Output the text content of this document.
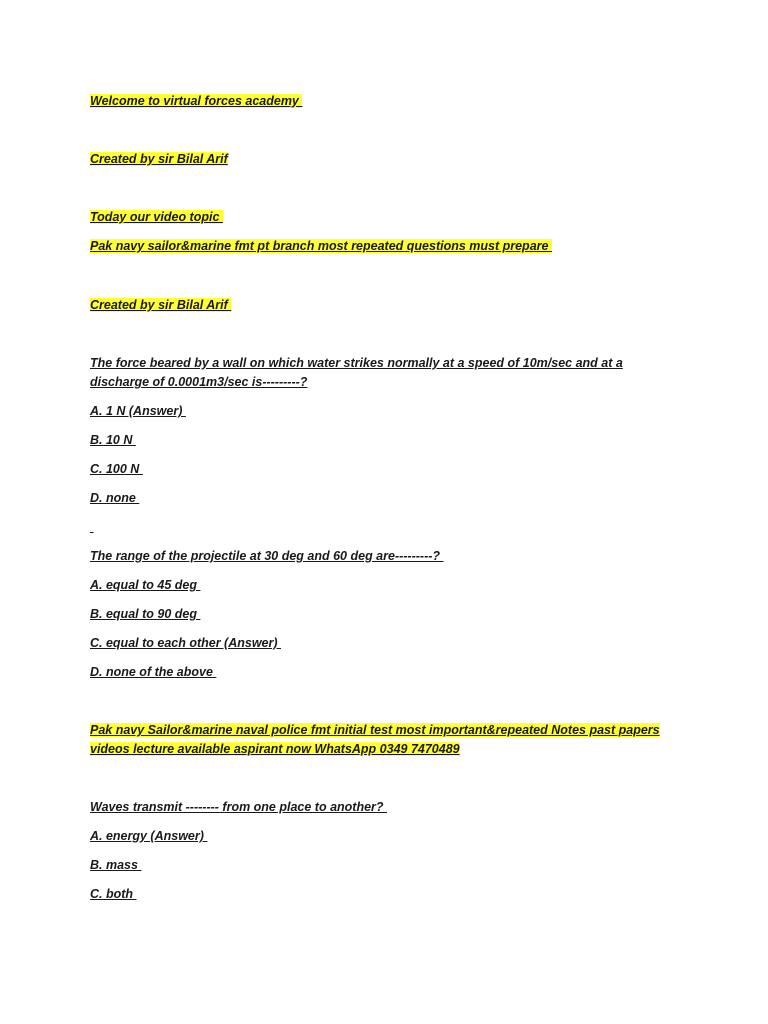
Welcome to virtual forces academy
Created by sir Bilal Arif
Today our video topic
Pak navy sailor&marine fmt pt branch most repeated questions must prepare
Created by sir Bilal Arif
The force beared by a wall on which water strikes normally at a speed of 10m/sec and at a discharge of 0.0001m3/sec is---------?
A. 1 N (Answer)
B. 10 N
C. 100 N
D. none

The range of the projectile at 30 deg and 60 deg are---------?
A. equal to 45 deg
B. equal to 90 deg
C. equal to each other (Answer)
D. none of the above
Pak navy Sailor&marine naval police fmt initial test most important&repeated Notes past papers videos lecture available aspirant now WhatsApp 0349 7470489
Waves transmit -------- from one place to another?
A. energy (Answer)
B. mass
C. both
